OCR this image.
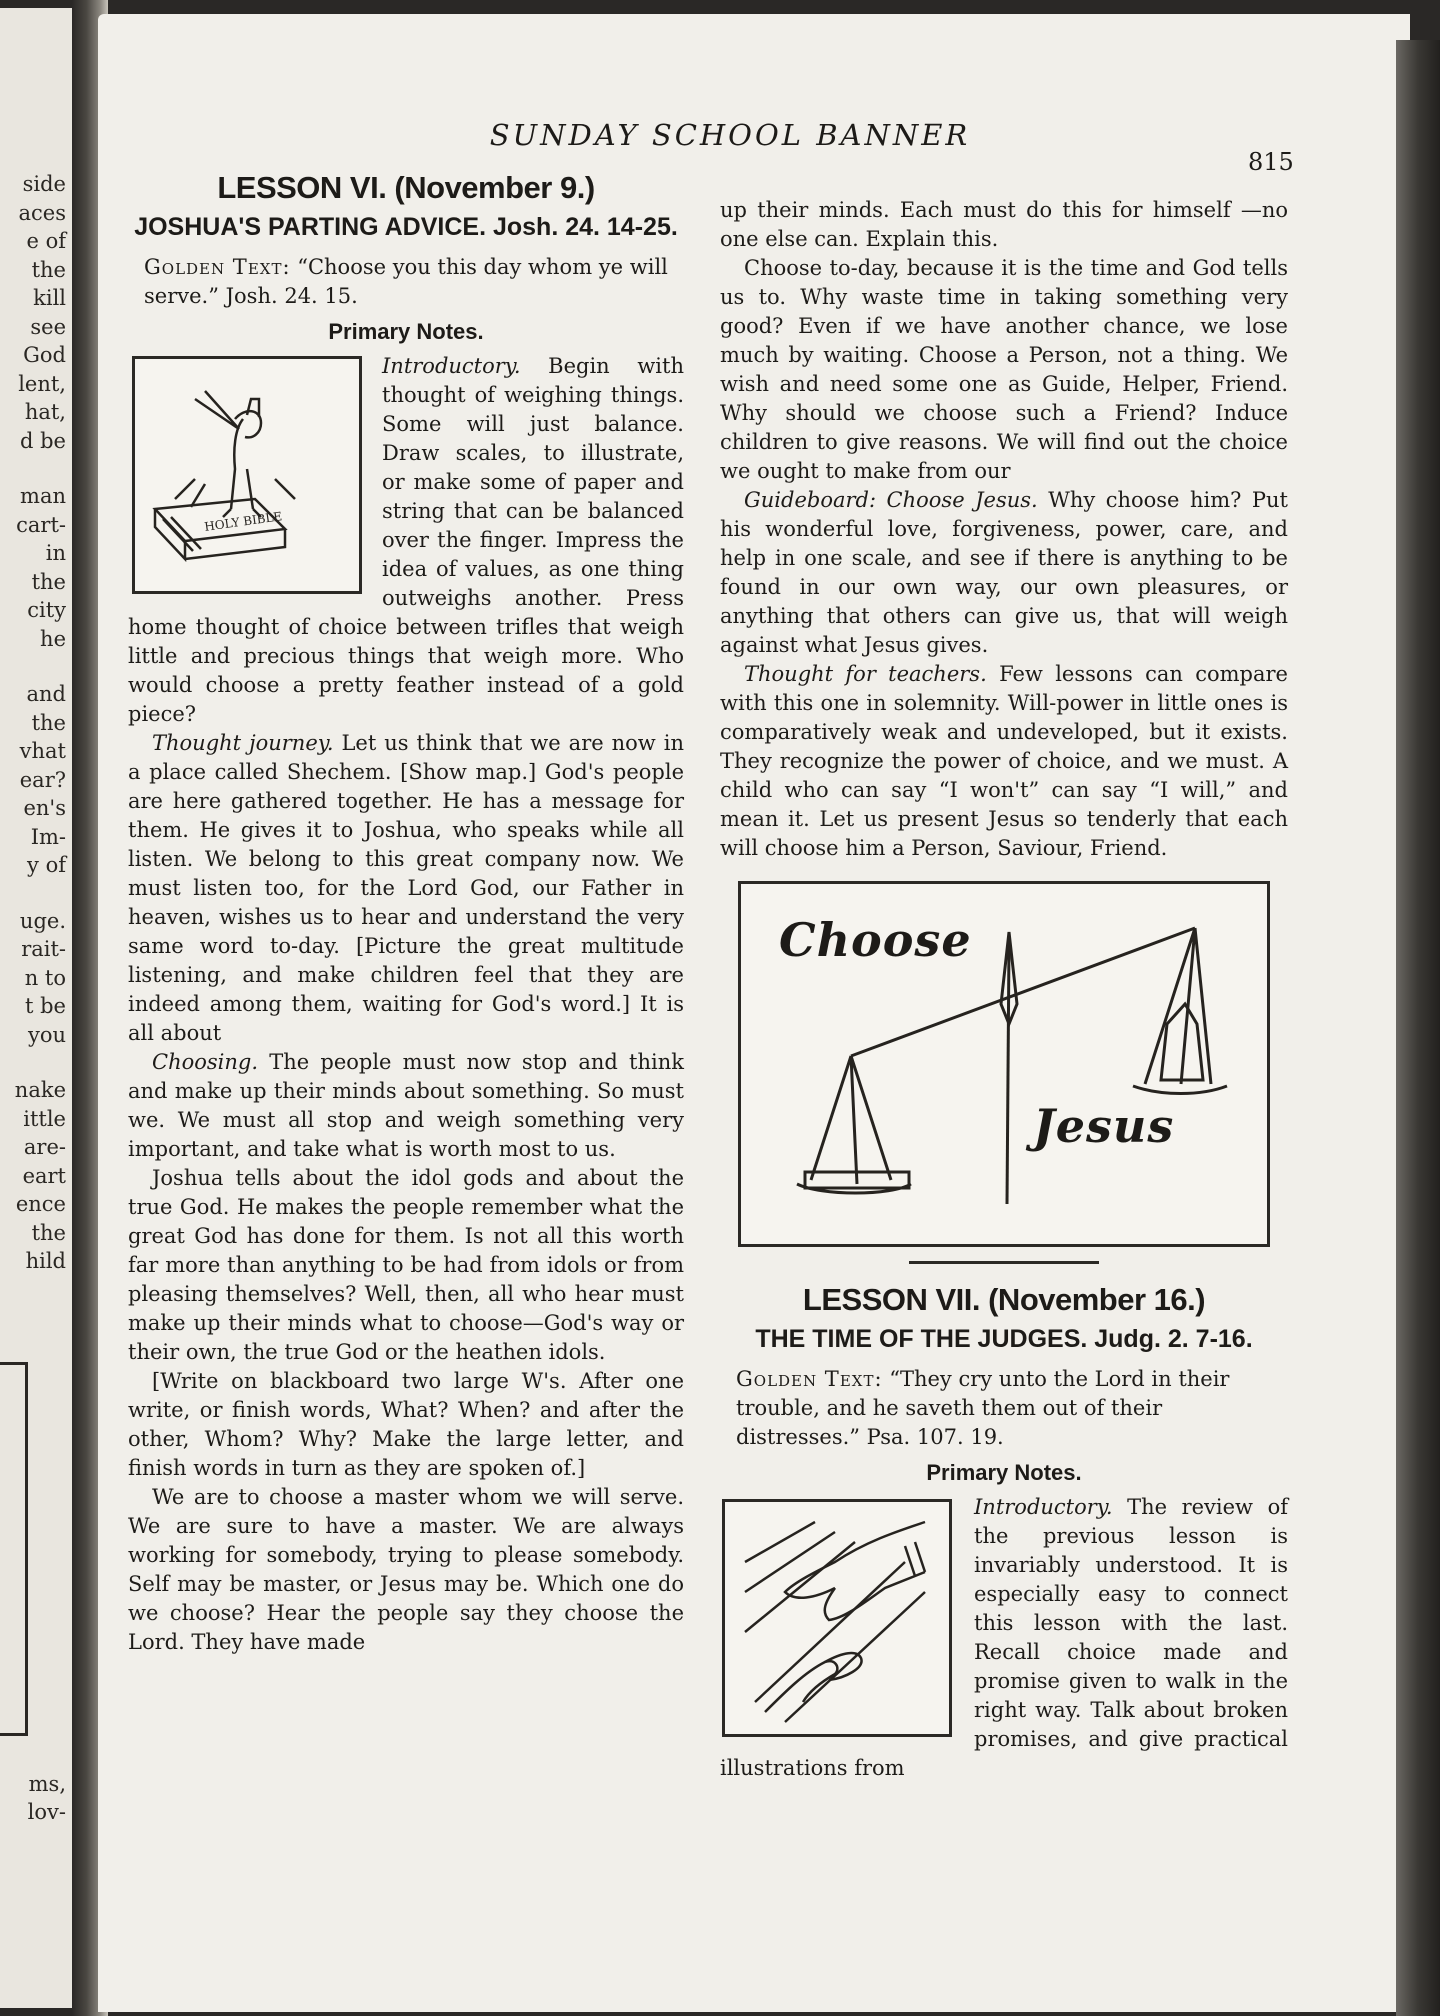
side
aces
e of
the
kill
see
God
lent,
hat,
d be
man
cart-
in
the
city
he
and
the
vhat
ear?
en's
Im-
y of
uge.
rait-
n to
t be
you
nake
ittle
are-
eart
ence
the
hild
ms,
lov-
SUNDAY SCHOOL BANNER
815
LESSON VI. (November 9.)
JOSHUA'S PARTING ADVICE. Josh. 24. 14-25.
Golden Text: “Choose you this day whom ye will serve.” Josh. 24. 15.
Primary Notes.
HOLY BIBLE

Introductory. Begin with thought of weighing things. Some will just balance. Draw scales, to illustrate, or make some of paper and string that can be balanced over the finger. Impress the idea of values, as one thing outweighs another. Press home thought of choice between trifles that weigh little and precious things that weigh more. Who would choose a pretty feather instead of a gold piece?

Thought journey. Let us think that we are now in a place called Shechem. [Show map.] God's people are here gathered together. He has a message for them. He gives it to Joshua, who speaks while all listen. We belong to this great company now. We must listen too, for the Lord God, our Father in heaven, wishes us to hear and understand the very same word to-day. [Picture the great multitude listening, and make children feel that they are indeed among them, waiting for God's word.] It is all about

Choosing. The people must now stop and think and make up their minds about something. So must we. We must all stop and weigh something very important, and take what is worth most to us.

Joshua tells about the idol gods and about the true God. He makes the people remember what the great God has done for them. Is not all this worth far more than anything to be had from idols or from pleasing themselves? Well, then, all who hear must make up their minds what to choose—God's way or their own, the true God or the heathen idols.

[Write on blackboard two large W's. After one write, or finish words, What? When? and after the other, Whom? Why? Make the large letter, and finish words in turn as they are spoken of.]

We are to choose a master whom we will serve. We are sure to have a master. We are always working for somebody, trying to please somebody. Self may be master, or Jesus may be. Which one do we choose? Hear the people say they choose the Lord. They have made

up their minds. Each must do this for himself —no one else can. Explain this.

Choose to-day, because it is the time and God tells us to. Why waste time in taking something very good? Even if we have another chance, we lose much by waiting. Choose a Person, not a thing. We wish and need some one as Guide, Helper, Friend. Why should we choose such a Friend? Induce children to give reasons. We will find out the choice we ought to make from our

Guideboard: Choose Jesus. Why choose him? Put his wonderful love, forgiveness, power, care, and help in one scale, and see if there is anything to be found in our own way, our own pleasures, or anything that others can give us, that will weigh against what Jesus gives.

Thought for teachers. Few lessons can compare with this one in solemnity. Will-power in little ones is comparatively weak and undeveloped, but it exists. They recognize the power of choice, and we must. A child who can say “I won't” can say “I will,” and mean it. Let us present Jesus so tenderly that each will choose him a Person, Saviour, Friend.

Choose
Jesus
LESSON VII. (November 16.)
THE TIME OF THE JUDGES. Judg. 2. 7-16.
Golden Text: “They cry unto the Lord in their trouble, and he saveth them out of their distresses.” Psa. 107. 19.
Primary Notes.

Introductory. The review of the previous lesson is invariably understood. It is especially easy to connect this lesson with the last. Recall choice made and promise given to walk in the right way. Talk about broken promises, and give practical illustrations from
